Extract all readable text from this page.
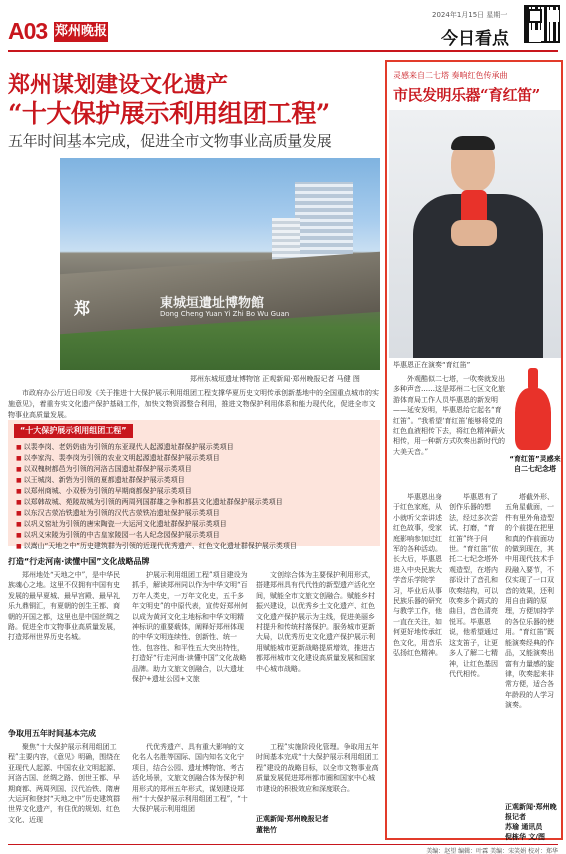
A03 郑州晚报
2024年1月15日 星期一
今日看点
郑州谋划建设文化遗产
“十大保护展示利用组团工程”
五年时间基本完成，促进全市文物事业高质量发展
郑	東城垣遺址博物館
Dong Cheng Yuan Yi Zhi Bo Wu Guan
郑州东城垣遗址博物馆 正观新闻·郑州晚报记者 马健 图
市政府办公厅近日印发《关于推进十大保护展示利用组团工程支撑华夏历史文明传承创新基地中的全国重点城市的实施意见》，着重夯实文化遗产保护基础工作，加快文物资源整合利用，推进文物保护利用体系和能力现代化，促进全市文物事业高质量发展。
“十大保护展示利用组团工程”
■ 以裴李岗、老奶奶庙为引领的东亚现代人起源遗址群保护展示类项目
■ 以李家沟、裴李岗为引领的农业文明起源遗址群保护展示类项目
■ 以双槐树都邑为引领的河洛古国遗址群保护展示类项目
■ 以王城岗、新砦为引领的夏都遗址群保护展示类项目
■ 以郑州商城、小双桥为引领的早期商都保护展示类项目
■ 以郑韩故城、苑陵故城为引领的两周列国群雄之争和都县文化遗址群保护展示类项目
■ 以东汉古荥冶铁遗址为引领的汉代古荥铁冶遗址保护展示类项目
■ 以巩义窑址为引领的唐宋陶瓷一大运河文化遗址群保护展示类项目
■ 以巩义宋陵为引领的中古皇家陵园一名人纪念园保护展示类项目
■ 以嵩山“天地之中”历史建筑群为引领的近现代优秀遗产、红色文化遗址群保护展示类项目
打造“行走河南·读懂中国”文化战略品牌
郑州地处“天地之中”，是中华民族魂心之地。这里不仅拥有中国有史发展的最早夏城、最早宫殿、最早礼乐九鼎铜汇，有夏朝的创生王都、商朝的开国之都，这里也是中国丝绸之路。促进全市文物事业高质量发展，打造郑州世界历史名城。
护展示利用组团工程”项目建设为抓手，解读郑州同以作为中华文明“百万年人类史，一万年文化史，五千多年文明史”的中原代表，宣传好郑州何以成为黄河文化主地标和中华文明精神标识的重要载体，阐释好郑州体现的中华文明连续性、创新性、统一性、包容性、和平性五大突出特性，打造好“行走河南·读懂中国”文化战略品牌。助力文旅文创融合，以大遗址保护+遗址公园+文旅
文创综合体为主要保护利用形式，搭建郑州具有代代性的新型遗产活化空间，赋能全市文旅文创融合。赋能乡村振兴建设，以优秀乡土文化遗产、红色文化遗产保护展示为主线，促进美丽乡村提升和传统村落保护。服务城市更新大局，以优秀历史文化遗产保护展示利用赋能城市更新战略提质增效，推进古都郑州城市文化建设高质量发展和国家中心城市战略。
争取用五年时间基本完成
聚焦“十大保护展示利用组团工程”主要内容，《意见》明确，围绕在亚现代人起源、中国农业文明起源、河洛古国、丝绸之路、创世王都、早期商都、两周列国、汉代冶铁、隋唐大运河和登封“天地之中”历史建筑群世界文化遗产，有住优的规划、红色文化、近现
代优秀遗产、具有重大影响的文化名人名胜等国际、国内知名文化宁项目，结合公园、遗址博物馆、考古活化场景，文旅文创融合体为保护利用形式的郑州五年形式，谋划建设郑州“十大保护展示利用组团工程”，“十大保护展示利用组团
工程”实施阶段化管理。争取用五年时间基本完成“十大保护展示利用组团工程”建设的战略目标，以全市文物事业高质量发展促进郑州都市圈和国家中心城市建设的积极效应和深度联合。
正观新闻·郑州晚报记者
董艳竹
灵感来自二七塔 奏响红色传承曲
市民发明乐器“育红笛”
毕惠恩正在演奏“育红笛”
外观酷似二七塔，一吹奏就发出多种声音……这是郑州二七区文化旅游体育局工作人员毕惠恩的新发明——延安发明，毕惠恩给它起名“育红笛”。“我希望‘育红笛’能够将党的红色血液相传下去，将红色精神薪火相传，用一种新方式吹奏出新时代的大美天音。”
“育红笛”灵感来自二七纪念塔
毕惠恩出身于红色家庭，从小就听父亲讲述红色故事，受家庭影响参加过红军的各种活动。长大后，毕惠恩进入中央民族大学音乐学院学习，毕业后从事民族乐器的研究与教学工作，他一直在关注，如何更好地传承红色文化，用音乐弘扬红色精神。
毕惠恩有了创作乐器的想法，经过多次尝试、打磨，“育红笛”终于问世。“育红笛”依托二七纪念塔外观造型，在塔内部设计了音孔和吹奏结构，可以吹奏多个调式的曲目，音色清亮悦耳。毕惠恩说，他希望通过这支笛子，让更多人了解二七精神，让红色基因代代相传。
塔截外形、五角星截面，一件有里外角造型的个前提在把里和真的作前面功的做到现在，其中用现代技术手段融入要节，不仅实现了一口双音的效果，还利用自由调的原理，方便加持学的各位乐器的使用。“育红笛”既能演奏经典的作品，又能演奏出富有力量感的旋律，吹奏起来非常方便，适合各年龄段的人学习演奏。
正观新闻·郑州晚报记者
苏瑜 通讯员
倪栋华 文/图
美编：赵望 编辑：叶霖 美编：宋笑娟 校对：郑华
